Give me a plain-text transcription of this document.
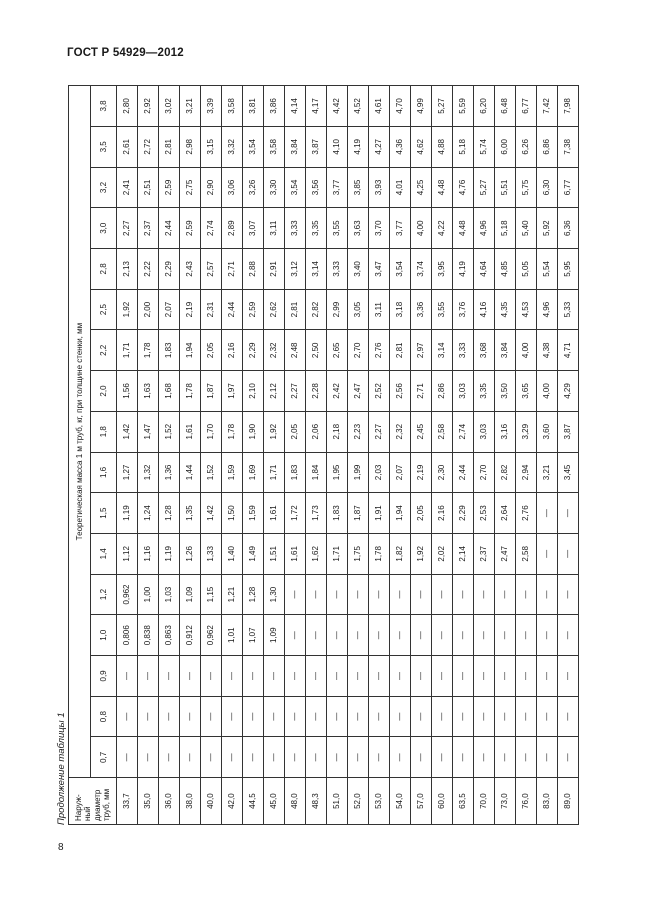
ГОСТ Р 54929—2012
Продолжение таблицы 1 Наруж- ный диаметр труб, мм	Теоретическая масса 1 м труб, кг, при толщине стенки, мм																
	0,7	0,8	0,9	1,0	1,2	1,4	1,5	1,6	1,8	2,0	2,2	2,5	2,8	3,0	3,2	3,5	3,8
33,7	—	—	—	0,806	0,962	1,12	1,19	1,27	1,42	1,56	1,71	1,92	2,13	2,27	2,41	2,61	2,80
35,0	—	—	—	0,838	1,00	1,16	1,24	1,32	1,47	1,63	1,78	2,00	2,22	2,37	2,51	2,72	2,92
36,0	—	—	—	0,863	1,03	1,19	1,28	1,36	1,52	1,68	1,83	2,07	2,29	2,44	2,59	2,81	3,02
38,0	—	—	—	0,912	1,09	1,26	1,35	1,44	1,61	1,78	1,94	2,19	2,43	2,59	2,75	2,98	3,21
40,0	—	—	—	0,962	1,15	1,33	1,42	1,52	1,70	1,87	2,05	2,31	2,57	2,74	2,90	3,15	3,39
42,0	—	—	—	1,01	1,21	1,40	1,50	1,59	1,78	1,97	2,16	2,44	2,71	2,89	3,06	3,32	3,58
44,5	—	—	—	1,07	1,28	1,49	1,59	1,69	1,90	2,10	2,29	2,59	2,88	3,07	3,26	3,54	3,81
45,0	—	—	—	1,09	1,30	1,51	1,61	1,71	1,92	2,12	2,32	2,62	2,91	3,11	3,30	3,58	3,86
48,0	—	—	—	—	—	1,61	1,72	1,83	2,05	2,27	2,48	2,81	3,12	3,33	3,54	3,84	4,14
48,3	—	—	—	—	—	1,62	1,73	1,84	2,06	2,28	2,50	2,82	3,14	3,35	3,56	3,87	4,17
51,0	—	—	—	—	—	1,71	1,83	1,95	2,18	2,42	2,65	2,99	3,33	3,55	3,77	4,10	4,42
52,0	—	—	—	—	—	1,75	1,87	1,99	2,23	2,47	2,70	3,05	3,40	3,63	3,85	4,19	4,52
53,0	—	—	—	—	—	1,78	1,91	2,03	2,27	2,52	2,76	3,11	3,47	3,70	3,93	4,27	4,61
54,0	—	—	—	—	—	1,82	1,94	2,07	2,32	2,56	2,81	3,18	3,54	3,77	4,01	4,36	4,70
57,0	—	—	—	—	—	1,92	2,05	2,19	2,45	2,71	2,97	3,36	3,74	4,00	4,25	4,62	4,99
60,0	—	—	—	—	—	2,02	2,16	2,30	2,58	2,86	3,14	3,55	3,95	4,22	4,48	4,88	5,27
63,5	—	—	—	—	—	2,14	2,29	2,44	2,74	3,03	3,33	3,76	4,19	4,48	4,76	5,18	5,59
70,0	—	—	—	—	—	2,37	2,53	2,70	3,03	3,35	3,68	4,16	4,64	4,96	5,27	5,74	6,20
73,0	—	—	—	—	—	2,47	2,64	2,82	3,16	3,50	3,84	4,35	4,85	5,18	5,51	6,00	6,48
76,0	—	—	—	—	—	2,58	2,76	2,94	3,29	3,65	4,00	4,53	5,05	5,40	5,75	6,26	6,77
83,0	—	—	—	—	—	—	—	3,21	3,60	4,00	4,38	4,96	5,54	5,92	6,30	6,86	7,42
89,0	—	—	—	—	—	—	—	3,45	3,87	4,29	4,71	5,33	5,95	6,36	6,77	7,38	7,98
8
